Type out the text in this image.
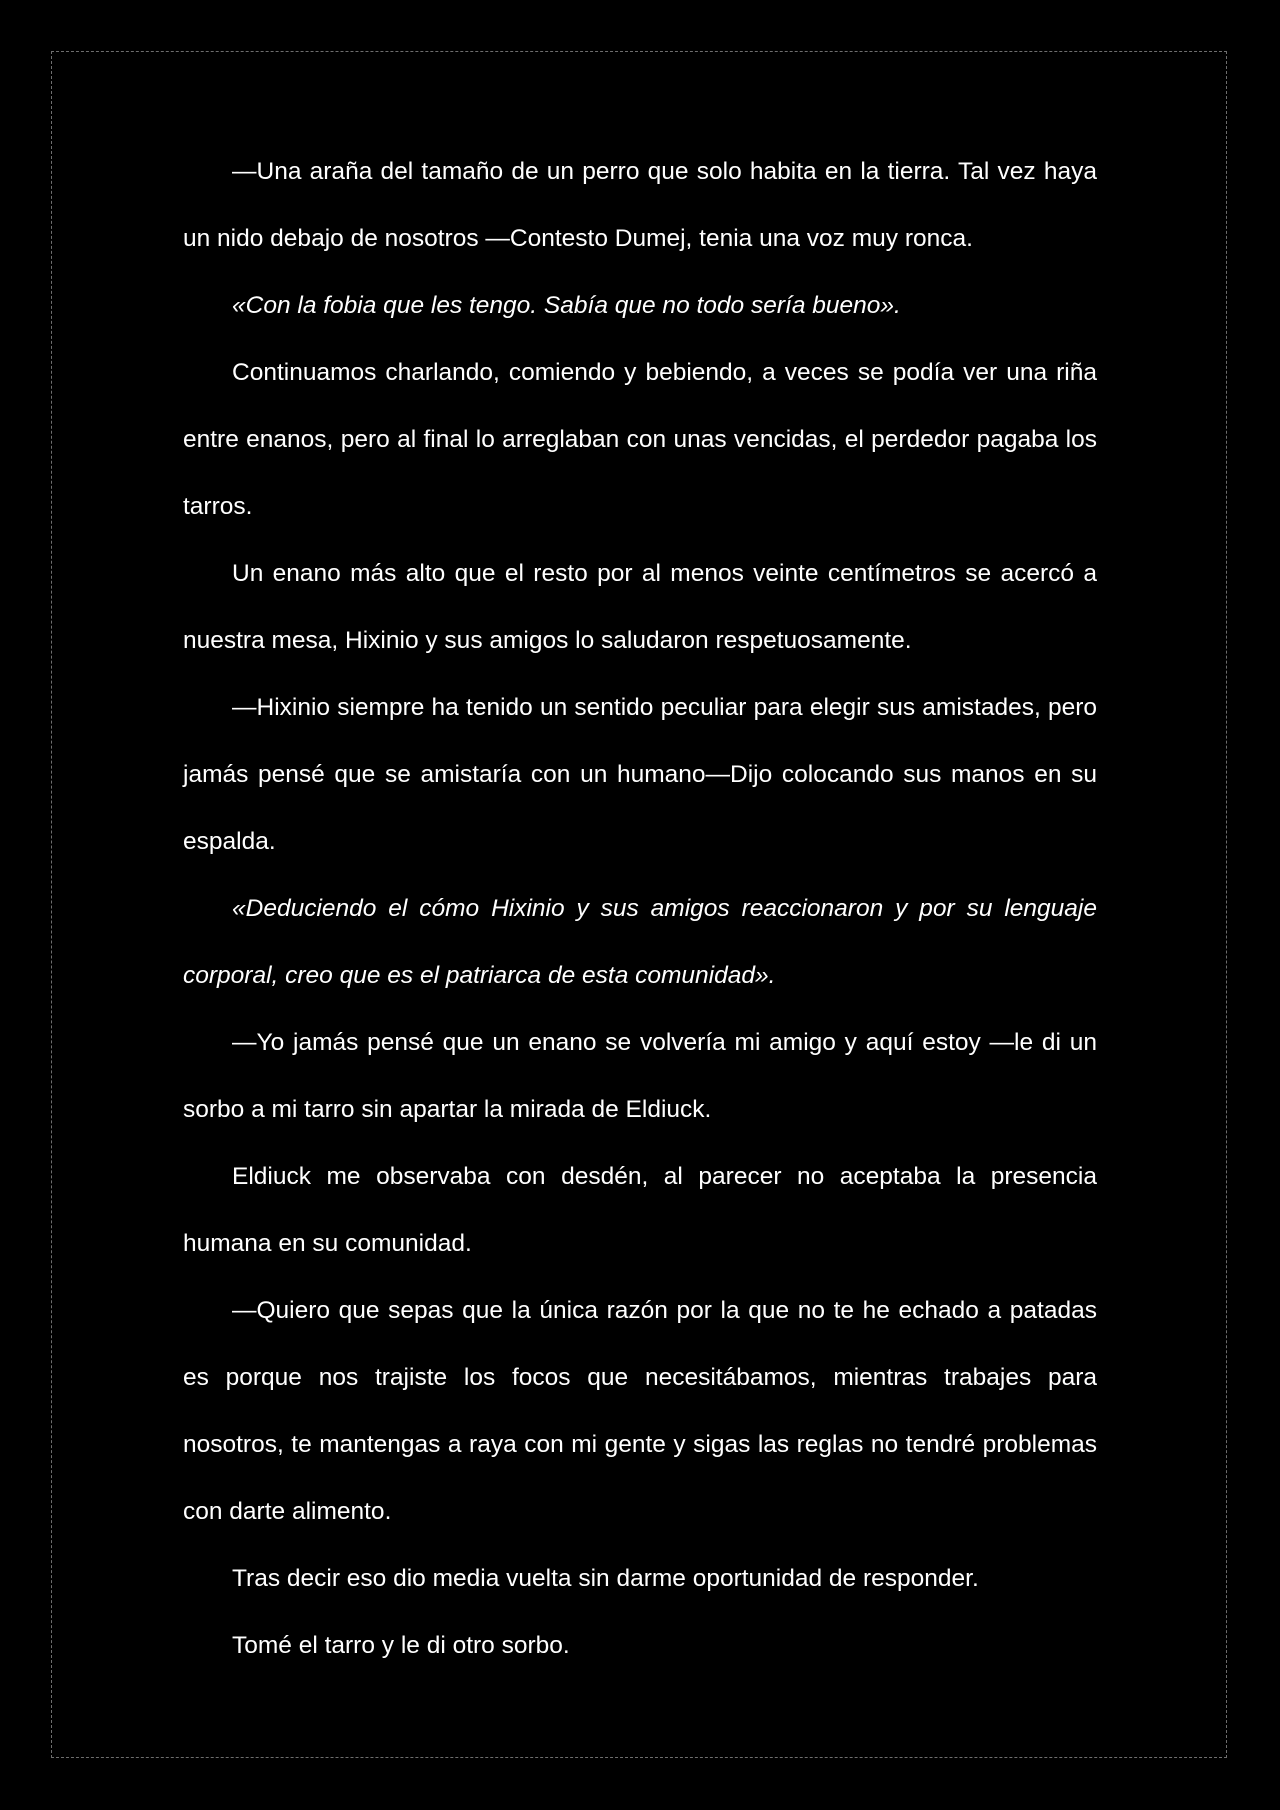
—Una araña del tamaño de un perro que solo habita en la tierra. Tal vez haya un nido debajo de nosotros —Contesto Dumej, tenia una voz muy ronca.

«Con la fobia que les tengo. Sabía que no todo sería bueno».

Continuamos charlando, comiendo y bebiendo, a veces se podía ver una riña entre enanos, pero al final lo arreglaban con unas vencidas, el perdedor pagaba los tarros.

Un enano más alto que el resto por al menos veinte centímetros se acercó a nuestra mesa, Hixinio y sus amigos lo saludaron respetuosamente.

—Hixinio siempre ha tenido un sentido peculiar para elegir sus amistades, pero jamás pensé que se amistaría con un humano—Dijo colocando sus manos en su espalda.

«Deduciendo el cómo Hixinio y sus amigos reaccionaron y por su lenguaje corporal, creo que es el patriarca de esta comunidad».

—Yo jamás pensé que un enano se volvería mi amigo y aquí estoy —le di un sorbo a mi tarro sin apartar la mirada de Eldiuck.

Eldiuck me observaba con desdén, al parecer no aceptaba la presencia humana en su comunidad.

—Quiero que sepas que la única razón por la que no te he echado a patadas es porque nos trajiste los focos que necesitábamos, mientras trabajes para nosotros, te mantengas a raya con mi gente y sigas las reglas no tendré problemas con darte alimento.

Tras decir eso dio media vuelta sin darme oportunidad de responder.

Tomé el tarro y le di otro sorbo.
